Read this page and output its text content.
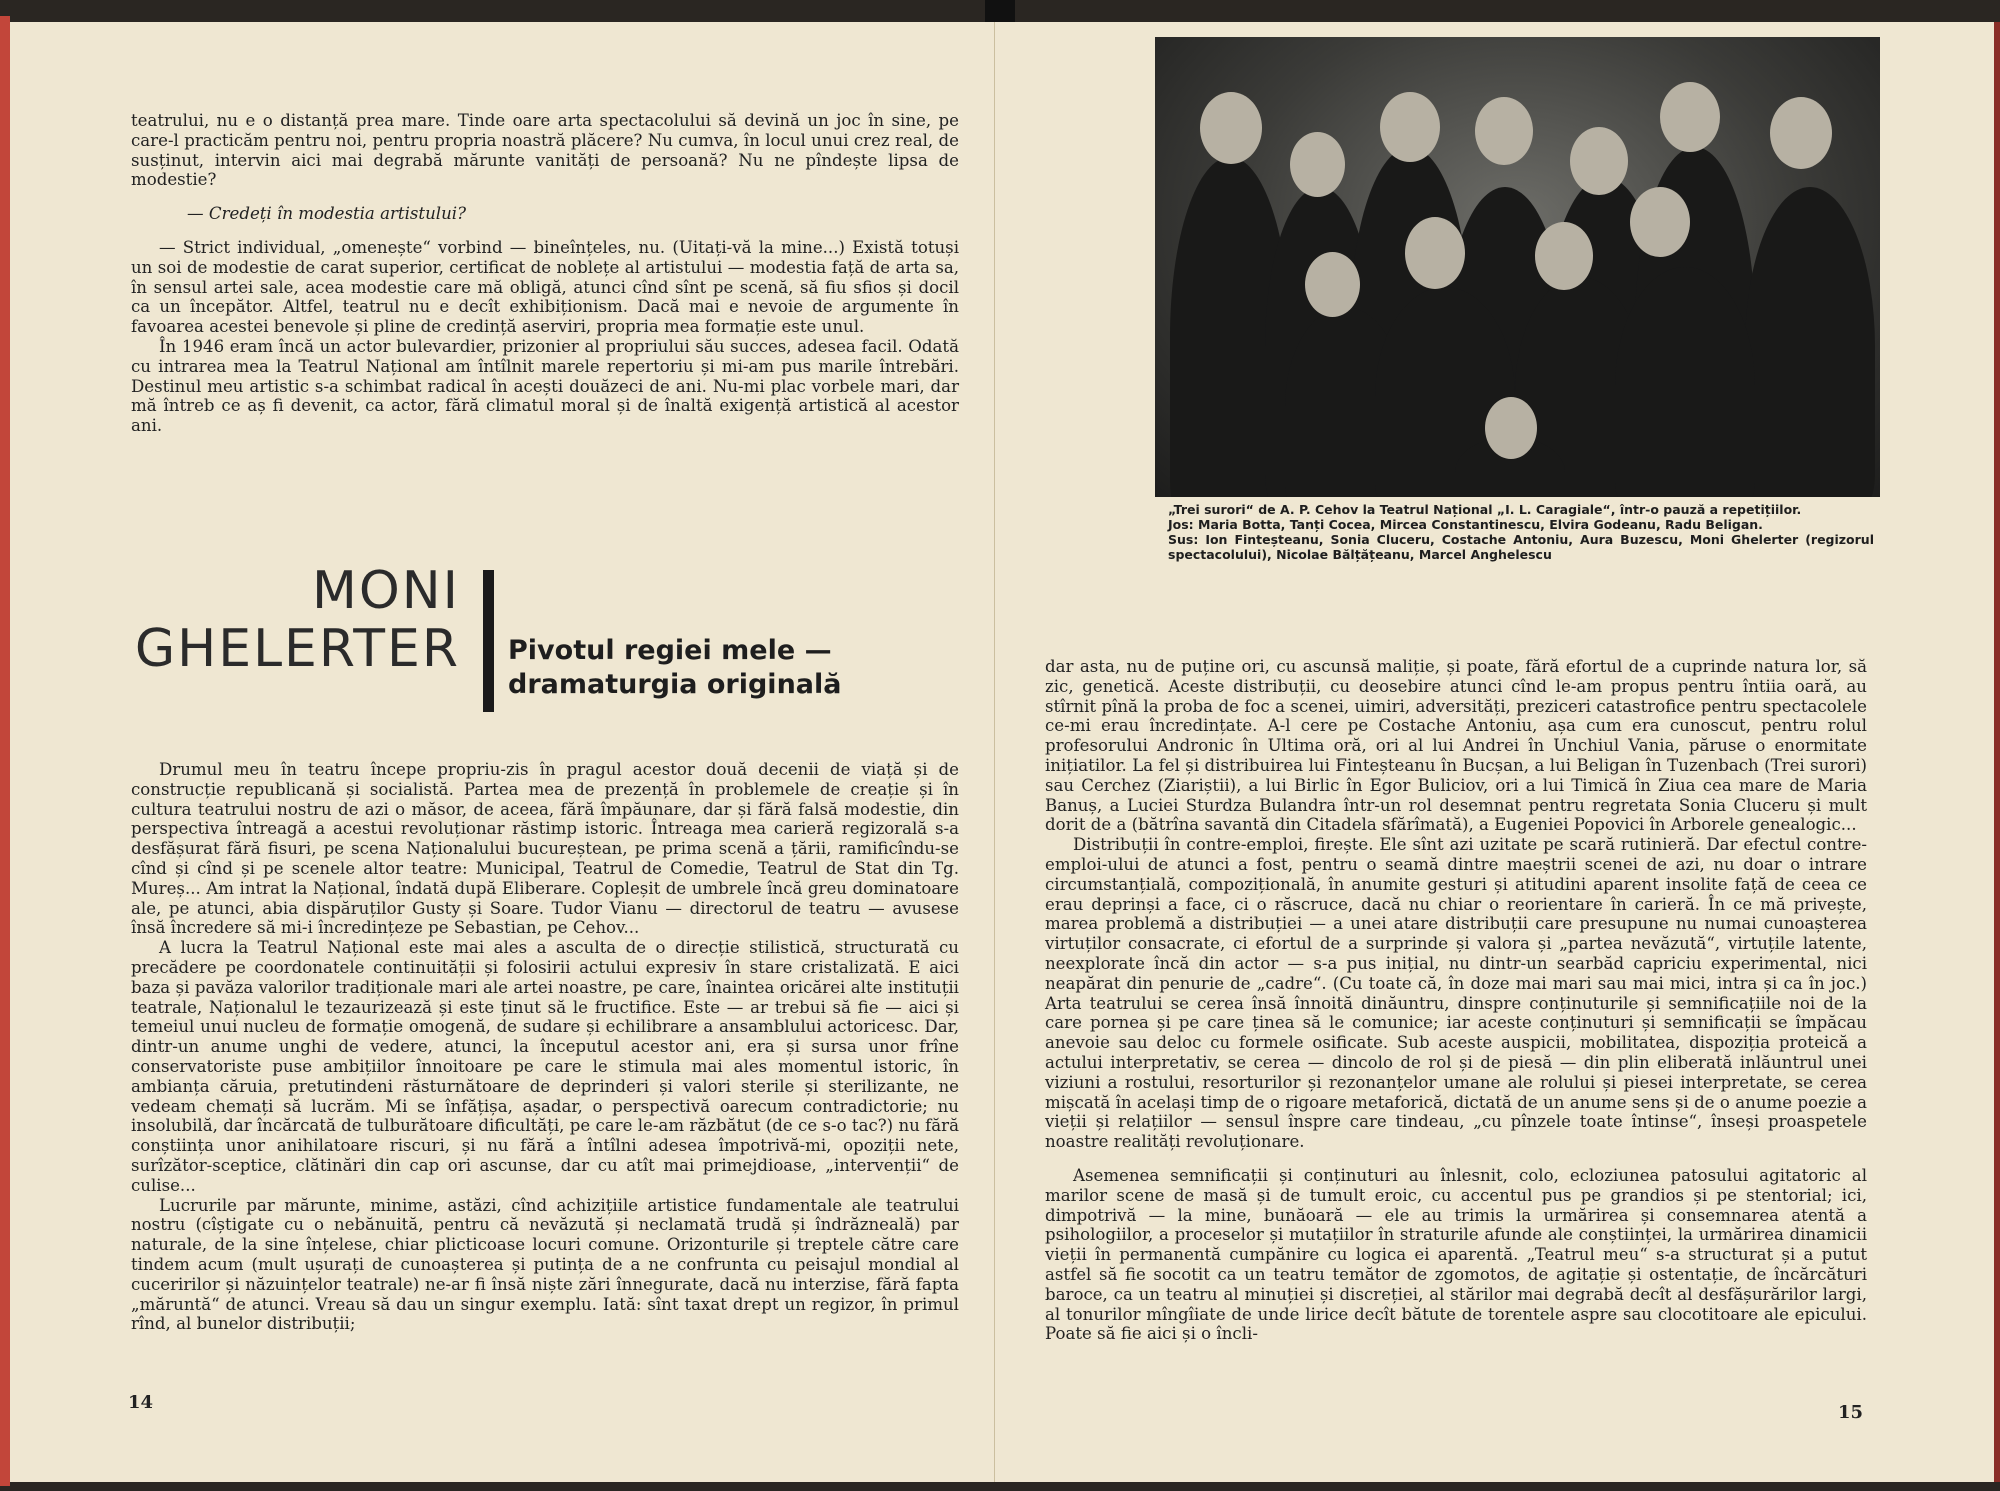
teatrului, nu e o distanță prea mare. Tinde oare arta spectacolului să devină un joc în sine, pe care-l practicăm pentru noi, pentru propria noastră plăcere? Nu cumva, în locul unui crez real, de susținut, intervin aici mai degrabă mărunte vanități de persoană? Nu ne pîndește lipsa de modestie?

— Credeți în modestia artistului?

— Strict individual, „omenește“ vorbind — bineînțeles, nu. (Uitați-vă la mine...) Există totuși un soi de modestie de carat superior, certificat de noblețe al artistului — modestia față de arta sa, în sensul artei sale, acea modestie care mă obligă, atunci cînd sînt pe scenă, să fiu sfios și docil ca un începător. Altfel, teatrul nu e decît exhibiționism. Dacă mai e nevoie de argumente în favoarea acestei benevole și pline de credință aserviri, propria mea formație este unul.

În 1946 eram încă un actor bulevardier, prizonier al propriului său succes, adesea facil. Odată cu intrarea mea la Teatrul Național am întîlnit marele repertoriu și mi-am pus marile întrebări. Destinul meu artistic s-a schimbat radical în acești douăzeci de ani. Nu-mi plac vorbele mari, dar mă întreb ce aș fi devenit, ca actor, fără climatul moral și de înaltă exigență artistică al acestor ani.

MONI
GHELERTER Pivotul regiei mele — dramaturgia originală

Drumul meu în teatru începe propriu-zis în pragul acestor două decenii de viață și de construcție republicană și socialistă. Partea mea de prezență în problemele de creație și în cultura teatrului nostru de azi o măsor, de aceea, fără împăunare, dar și fără falsă modestie, din perspectiva întreagă a acestui revoluționar răstimp istoric. Întreaga mea carieră regizorală s-a desfășurat fără fisuri, pe scena Naționalului bucureștean, pe prima scenă a țării, ramificîndu-se cînd și cînd și pe scenele altor teatre: Municipal, Teatrul de Comedie, Teatrul de Stat din Tg. Mureș... Am intrat la Național, îndată după Eliberare. Copleșit de umbrele încă greu dominatoare ale, pe atunci, abia dispăruților Gusty și Soare. Tudor Vianu — directorul de teatru — avusese însă încredere să mi-i încredințeze pe Sebastian, pe Cehov...

A lucra la Teatrul Național este mai ales a asculta de o direcție stilistică, structurată cu precădere pe coordonatele continuității și folosirii actului expresiv în stare cristalizată. E aici baza și pavăza valorilor tradiționale mari ale artei noastre, pe care, înaintea oricărei alte instituții teatrale, Naționalul le tezaurizează și este ținut să le fructifice. Este — ar trebui să fie — aici și temeiul unui nucleu de formație omogenă, de sudare și echilibrare a ansamblului actoricesc. Dar, dintr-un anume unghi de vedere, atunci, la începutul acestor ani, era și sursa unor frîne conservatoriste puse ambițiilor înnoitoare pe care le stimula mai ales momentul istoric, în ambianța căruia, pretutindeni răsturnătoare de deprinderi și valori sterile și sterilizante, ne vedeam chemați să lucrăm. Mi se înfățișa, așadar, o perspectivă oarecum contradictorie; nu insolubilă, dar încărcată de tulburătoare dificultăți, pe care le-am răzbătut (de ce s-o tac?) nu fără conștiința unor anihilatoare riscuri, și nu fără a întîlni adesea împotrivă-mi, opoziții nete, surîzător-sceptice, clătinări din cap ori ascunse, dar cu atît mai primejdioase, „intervenții“ de culise...

Lucrurile par mărunte, minime, astăzi, cînd achizițiile artistice fundamentale ale teatrului nostru (cîștigate cu o nebănuită, pentru că nevăzută și neclamată trudă și îndrăzneală) par naturale, de la sine înțelese, chiar plicticoase locuri comune. Orizonturile și treptele către care tindem acum (mult ușurați de cunoașterea și putința de a ne confrunta cu peisajul mondial al cuceririlor și năzuințelor teatrale) ne-ar fi însă niște zări înnegurate, dacă nu interzise, fără fapta „măruntă“ de atunci. Vreau să dau un singur exemplu. Iată: sînt taxat drept un regizor, în primul rînd, al bunelor distribuții;

14

„Trei surori“ de A. P. Cehov la Teatrul Național „I. L. Caragiale“, într-o pauză a repetițiilor.

Jos: Maria Botta, Tanți Cocea, Mircea Constantinescu, Elvira Godeanu, Radu Beligan.

Sus: Ion Finteșteanu, Sonia Cluceru, Costache Antoniu, Aura Buzescu, Moni Ghelerter (regizorul spectacolului), Nicolae Bălțățeanu, Marcel Anghelescu

dar asta, nu de puține ori, cu ascunsă maliție, și poate, fără efortul de a cuprinde natura lor, să zic, genetică. Aceste distribuții, cu deosebire atunci cînd le-am propus pentru întiia oară, au stîrnit pînă la proba de foc a scenei, uimiri, adversități, preziceri catastrofice pentru spectacolele ce-mi erau încredințate. A-l cere pe Costache Antoniu, așa cum era cunoscut, pentru rolul profesorului Andronic în Ultima oră, ori al lui Andrei în Unchiul Vania, păruse o enormitate inițiatilor. La fel și distribuirea lui Finteșteanu în Bucșan, a lui Beligan în Tuzenbach (Trei surori) sau Cerchez (Ziariștii), a lui Birlic în Egor Buliciov, ori a lui Timică în Ziua cea mare de Maria Banuș, a Luciei Sturdza Bulandra într-un rol desemnat pentru regretata Sonia Cluceru și mult dorit de a (bătrîna savantă din Citadela sfărîmată), a Eugeniei Popovici în Arborele genealogic...

Distribuții în contre-emploi, firește. Ele sînt azi uzitate pe scară rutinieră. Dar efectul contre-emploi-ului de atunci a fost, pentru o seamă dintre maeștrii scenei de azi, nu doar o intrare circumstanțială, compozițională, în anumite gesturi și atitudini aparent insolite față de ceea ce erau deprinși a face, ci o răscruce, dacă nu chiar o reorientare în carieră. În ce mă privește, marea problemă a distribuției — a unei atare distribuții care presupune nu numai cunoașterea virtuților consacrate, ci efortul de a surprinde și valora și „partea nevăzută“, virtuțile latente, neexplorate încă din actor — s-a pus inițial, nu dintr-un searbăd capriciu experimental, nici neapărat din penurie de „cadre“. (Cu toate că, în doze mai mari sau mai mici, intra și ca în joc.) Arta teatrului se cerea însă înnoită dinăuntru, dinspre conținuturile și semnificațiile noi de la care pornea și pe care ținea să le comunice; iar aceste conținuturi și semnificații se împăcau anevoie sau deloc cu formele osificate. Sub aceste auspicii, mobilitatea, dispoziția proteică a actului interpretativ, se cerea — dincolo de rol și de piesă — din plin eliberată inlăuntrul unei viziuni a rostului, resorturilor și rezonanțelor umane ale rolului și piesei interpretate, se cerea mișcată în același timp de o rigoare metaforică, dictată de un anume sens și de o anume poezie a vieții și relațiilor — sensul înspre care tindeau, „cu pînzele toate întinse“, înseși proaspetele noastre realități revoluționare.

Asemenea semnificații și conținuturi au înlesnit, colo, ecloziunea patosului agitatoric al marilor scene de masă și de tumult eroic, cu accentul pus pe grandios și pe stentorial; ici, dimpotrivă — la mine, bunăoară — ele au trimis la urmărirea și consemnarea atentă a psihologiilor, a proceselor și mutațiilor în straturile afunde ale conștiinței, la urmărirea dinamicii vieții în permanentă cumpănire cu logica ei aparentă. „Teatrul meu“ s-a structurat și a putut astfel să fie socotit ca un teatru temător de zgomotos, de agitație și ostentație, de încărcături baroce, ca un teatru al minuției și discreției, al stărilor mai degrabă decît al desfășurărilor largi, al tonurilor mîngîiate de unde lirice decît bătute de torentele aspre sau clocotitoare ale epicului. Poate să fie aici și o încli-

15
